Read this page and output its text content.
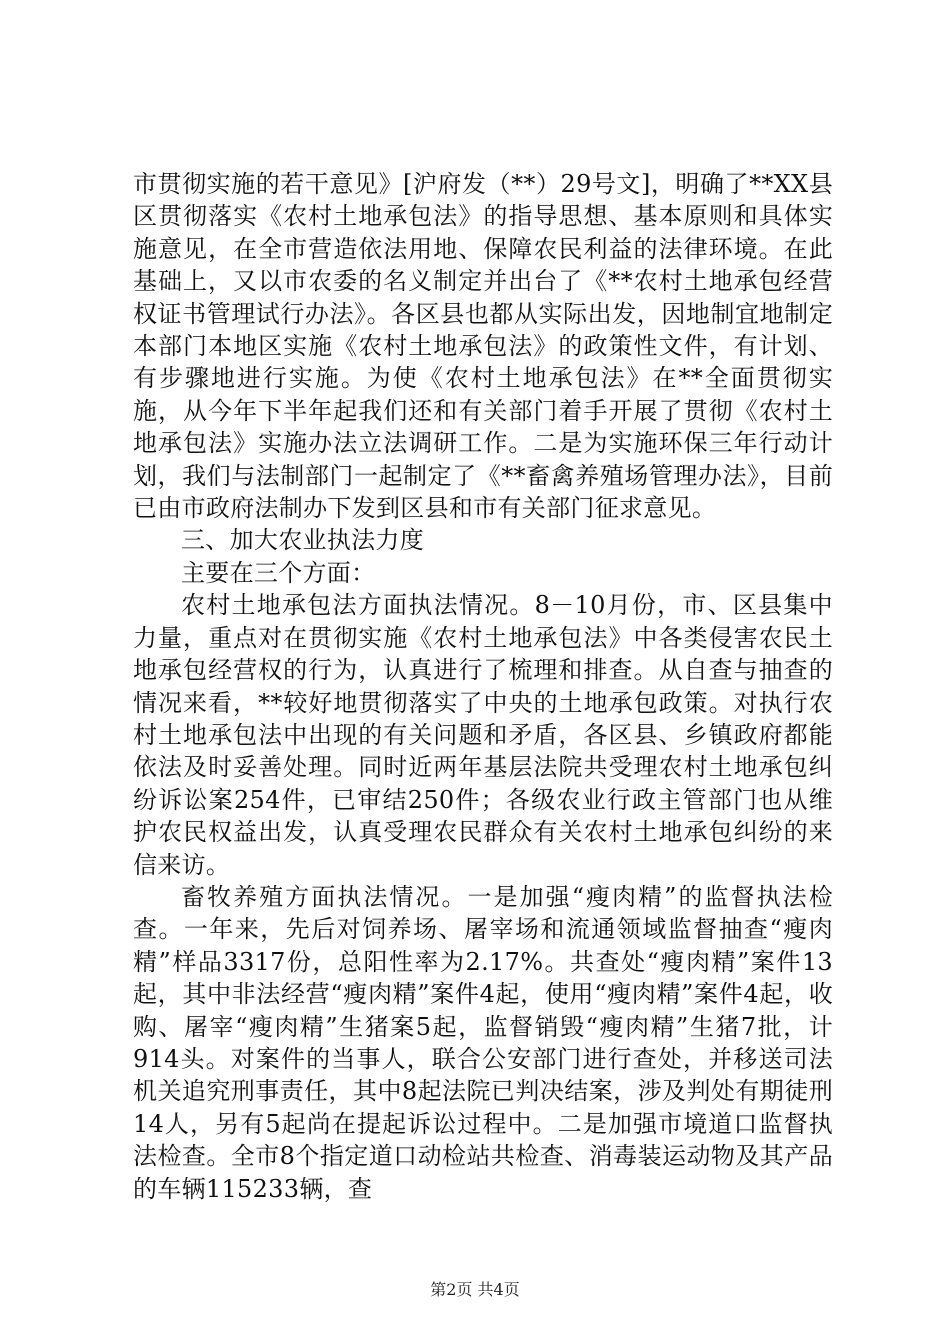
市贯彻实施的若干意见》[沪府发（**）29号文]，明确了**XX县区贯彻落实《农村土地承包法》的指导思想、基本原则和具体实施意见，在全市营造依法用地、保障农民利益的法律环境。在此基础上，又以市农委的名义制定并出台了《**农村土地承包经营权证书管理试行办法》。各区县也都从实际出发，因地制宜地制定本部门本地区实施《农村土地承包法》的政策性文件，有计划、有步骤地进行实施。为使《农村土地承包法》在**全面贯彻实施，从今年下半年起我们还和有关部门着手开展了贯彻《农村土地承包法》实施办法立法调研工作。二是为实施环保三年行动计划，我们与法制部门一起制定了《**畜禽养殖场管理办法》，目前已由市政府法制办下发到区县和市有关部门征求意见。

三、加大农业执法力度

主要在三个方面：

农村土地承包法方面执法情况。8－10月份，市、区县集中力量，重点对在贯彻实施《农村土地承包法》中各类侵害农民土地承包经营权的行为，认真进行了梳理和排查。从自查与抽查的情况来看，**较好地贯彻落实了中央的土地承包政策。对执行农村土地承包法中出现的有关问题和矛盾，各区县、乡镇政府都能依法及时妥善处理。同时近两年基层法院共受理农村土地承包纠纷诉讼案254件，已审结250件；各级农业行政主管部门也从维护农民权益出发，认真受理农民群众有关农村土地承包纠纷的来信来访。

畜牧养殖方面执法情况。一是加强“瘦肉精”的监督执法检查。一年来，先后对饲养场、屠宰场和流通领域监督抽查“瘦肉精”样品3317份，总阳性率为2.17%。共查处“瘦肉精”案件13起，其中非法经营“瘦肉精”案件4起，使用“瘦肉精”案件4起，收购、屠宰“瘦肉精”生猪案5起，监督销毁“瘦肉精”生猪7批，计914头。对案件的当事人，联合公安部门进行查处，并移送司法机关追究刑事责任，其中8起法院已判决结案，涉及判处有期徒刑14人，另有5起尚在提起诉讼过程中。二是加强市境道口监督执法检查。全市8个指定道口动检站共检查、消毒装运动物及其产品的车辆115233辆，查

第2页 共4页
